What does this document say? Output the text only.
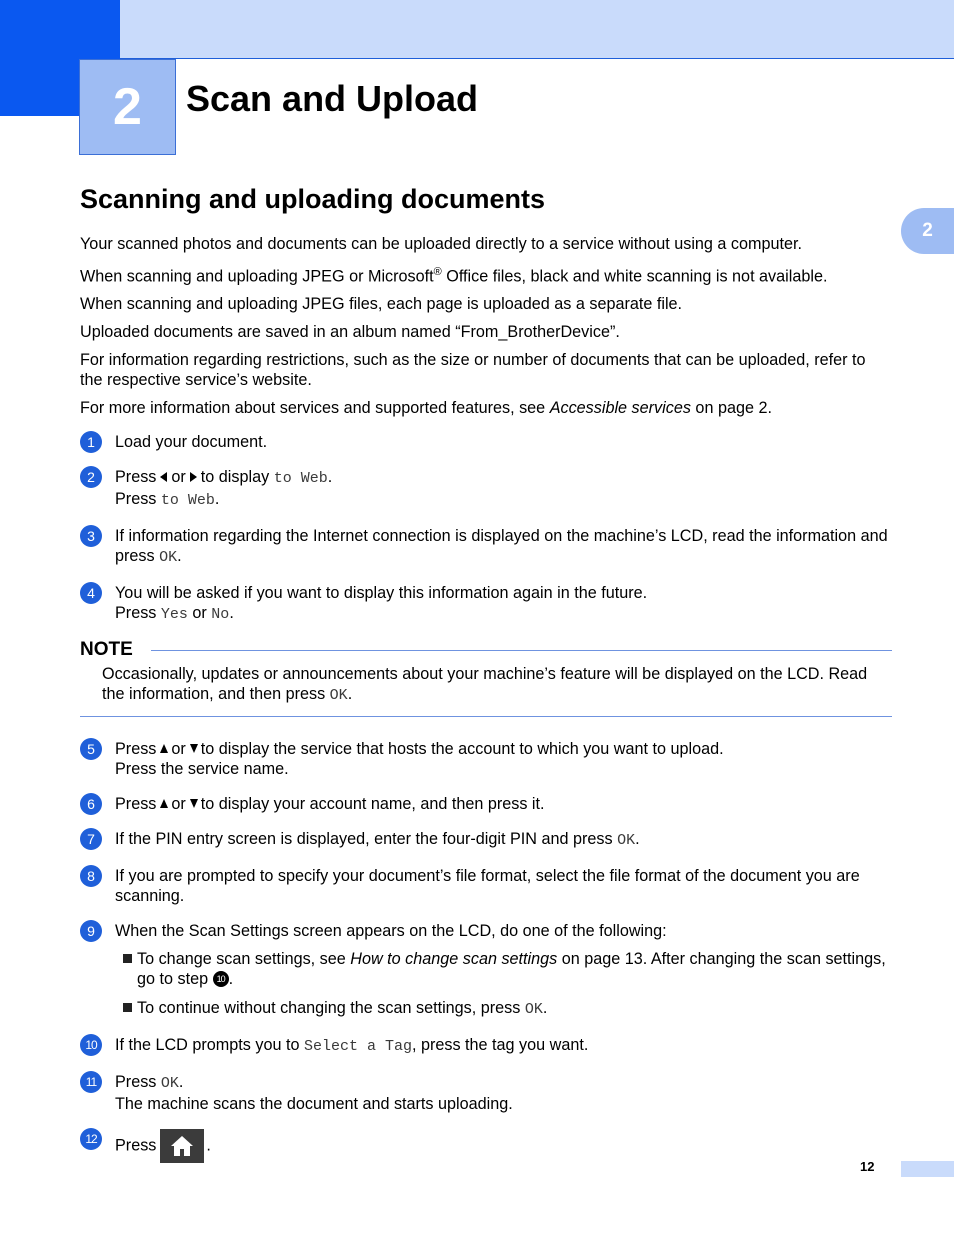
2	Scan and Upload
Scanning and uploading documents
2

Your scanned photos and documents can be uploaded directly to a service without using a computer.

When scanning and uploading JPEG or Microsoft® Office files, black and white scanning is not available.

When scanning and uploading JPEG files, each page is uploaded as a separate file.

Uploaded documents are saved in an album named “From_BrotherDevice”.

For information regarding restrictions, such as the size or number of documents that can be uploaded, refer to the respective service’s website.

For more information about services and supported features, see Accessible services on page 2.

1	Load your document.
2	Press or to display to Web.
Press to Web.
3	If information regarding the Internet connection is displayed on the machine’s LCD, read the information and press OK.
4	You will be asked if you want to display this information again in the future.
Press Yes or No.
NOTE
Occasionally, updates or announcements about your machine’s feature will be displayed on the LCD. Read the information, and then press OK.
5	Press or to display the service that hosts the account to which you want to upload.
Press the service name.
6	Press or to display your account name, and then press it.
7	If the PIN entry screen is displayed, enter the four-digit PIN and press OK.
8	If you are prompted to specify your document’s file format, select the file format of the document you are scanning.
9	When the Scan Settings screen appears on the LCD, do one of the following:
To change scan settings, see How to change scan settings on page 13. After changing the scan settings, go to step 10 .
To continue without changing the scan settings, press OK.
10	If the LCD prompts you to Select a Tag, press the tag you want.
11	Press OK.
The machine scans the document and starts uploading.
12	Press	.
12
